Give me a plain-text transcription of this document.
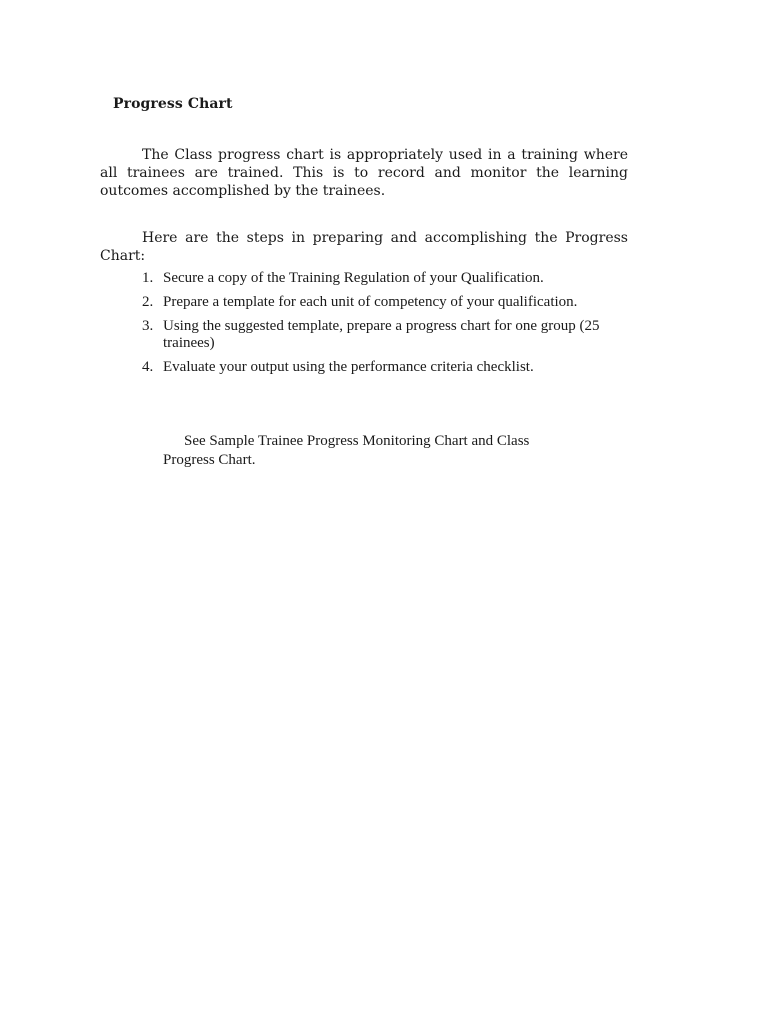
Progress Chart

The Class progress chart is appropriately used in a training where all trainees are trained. This is to record and monitor the learning outcomes accomplished by the trainees.

Here are the steps in preparing and accomplishing the Progress Chart:

1. Secure a copy of the Training Regulation of your Qualification.
2. Prepare a template for each unit of competency of your qualification.
3. Using the suggested template, prepare a progress chart for one group (25 trainees)
4. Evaluate your output using the performance criteria checklist.

See Sample Trainee Progress Monitoring Chart and Class Progress Chart.
